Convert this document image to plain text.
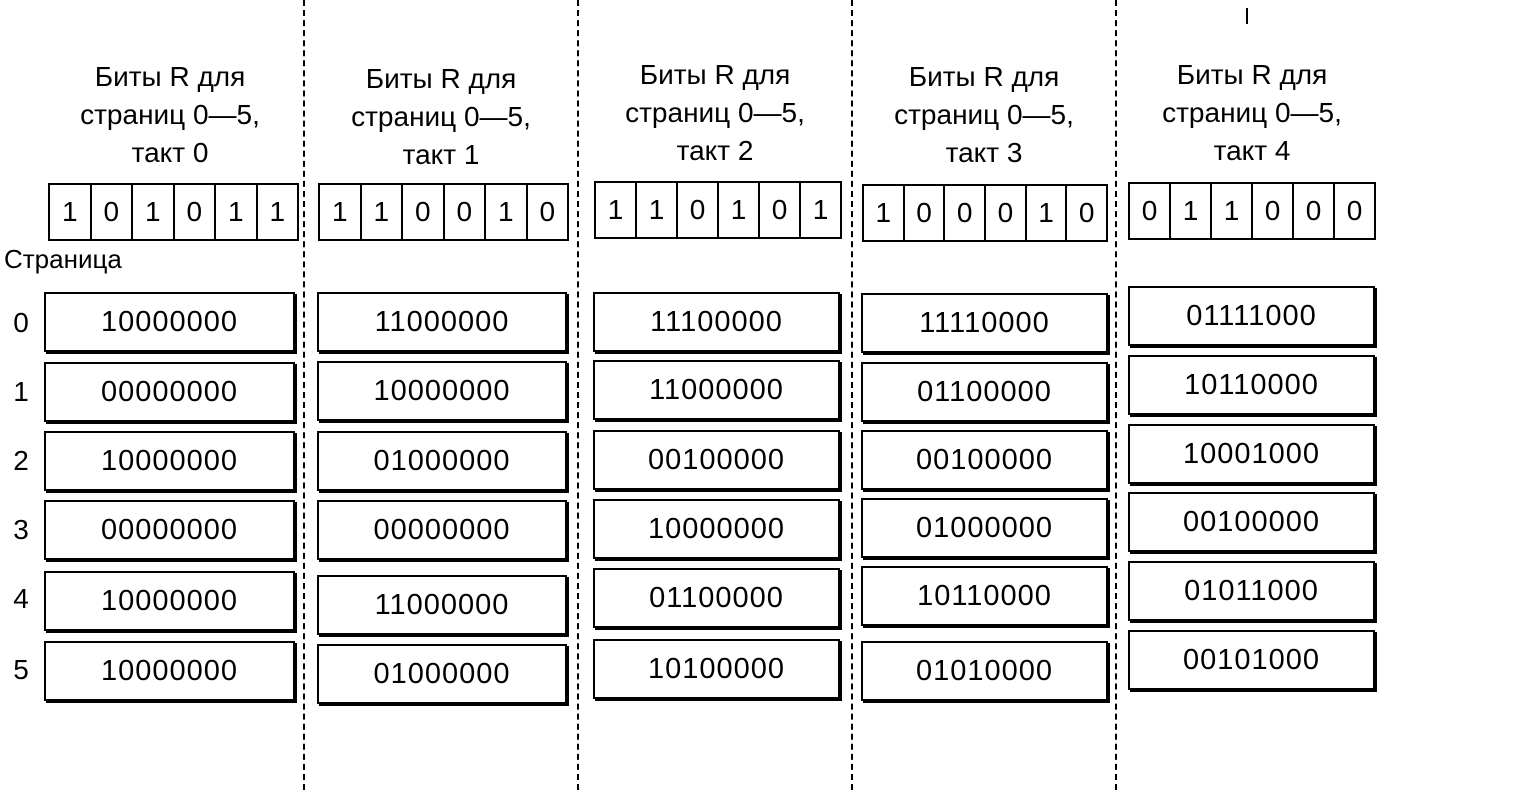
Страница
0
1
2
3
4
5
Биты R для
страниц 0—5,
такт 0
1 0 1 0 1 1
10000000
00000000
10000000
00000000
10000000
10000000
Биты R для
страниц 0—5,
такт 1
1 1 0 0 1 0
11000000
10000000
01000000
00000000
11000000
01000000
Биты R для
страниц 0—5,
такт 2
1 1 0 1 0 1
11100000
11000000
00100000
10000000
01100000
10100000
Биты R для
страниц 0—5,
такт 3
1 0 0 0 1 0
11110000
01100000
00100000
01000000
10110000
01010000
Биты R для
страниц 0—5,
такт 4
0 1 1 0 0 0
01111000
10110000
10001000
00100000
01011000
00101000
